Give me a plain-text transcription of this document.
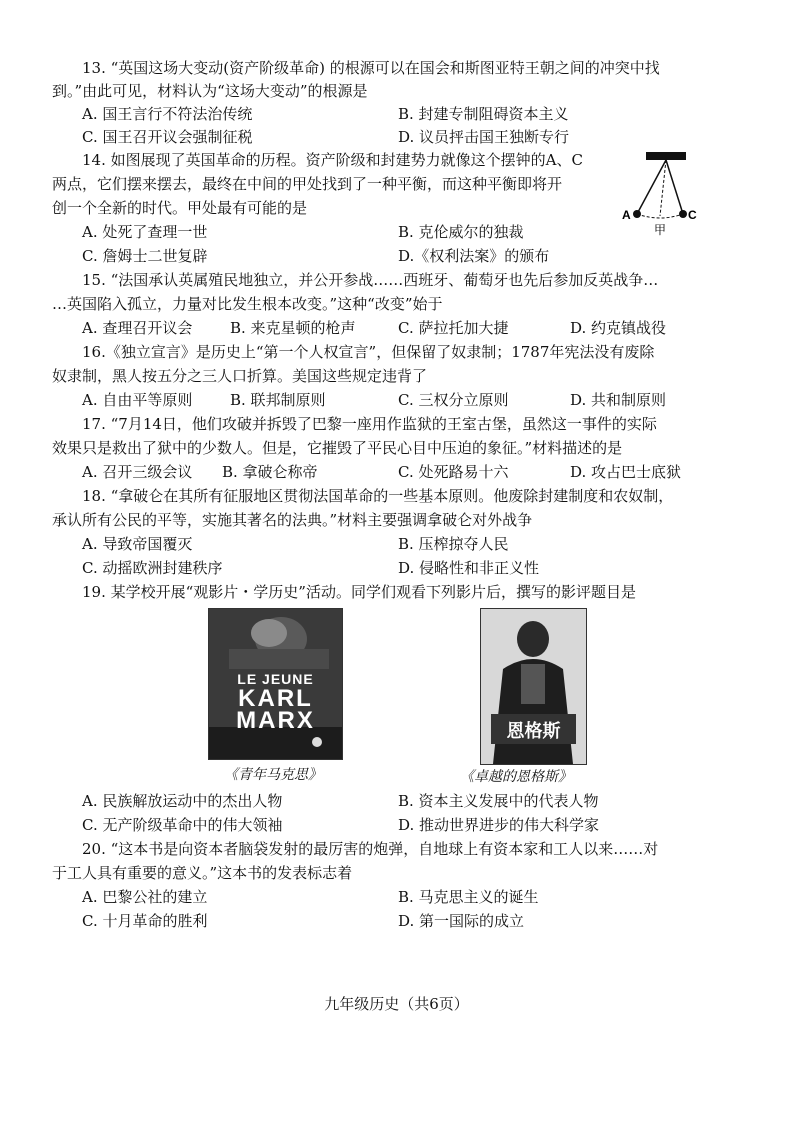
13. “英国这场大变动(资产阶级革命) 的根源可以在国会和斯图亚特王朝之间的冲突中找
到。”由此可见，材料认为“这场大变动”的根源是
A. 国王言行不符法治传统	B. 封建专制阻碍资本主义
C. 国王召开议会强制征税	D. 议员抨击国王独断专行
14. 如图展现了英国革命的历程。资产阶级和封建势力就像这个摆钟的A、C
两点，它们摆来摆去，最终在中间的甲处找到了一种平衡，而这种平衡即将开
创一个全新的时代。甲处最有可能的是
A. 处死了查理一世	B. 克伦威尔的独裁
C. 詹姆士二世复辟	D.《权利法案》的颁布
A	C
甲
15. “法国承认英属殖民地独立，并公开参战……西班牙、葡萄牙也先后参加反英战争…
…英国陷入孤立，力量对比发生根本改变。”这种“改变”始于
A. 查理召开议会	B. 来克星顿的枪声	C. 萨拉托加大捷	D. 约克镇战役
16.《独立宣言》是历史上“第一个人权宣言”，但保留了奴隶制；1787年宪法没有废除
奴隶制，黑人按五分之三人口折算。美国这些规定违背了
A. 自由平等原则	B. 联邦制原则	C. 三权分立原则	D. 共和制原则
17. “7月14日，他们攻破并拆毁了巴黎一座用作监狱的王室古堡，虽然这一事件的实际
效果只是救出了狱中的少数人。但是，它摧毁了平民心目中压迫的象征。”材料描述的是
A. 召开三级会议 B. 拿破仑称帝	C. 处死路易十六	D. 攻占巴士底狱
18. “拿破仑在其所有征服地区贯彻法国革命的一些基本原则。他废除封建制度和农奴制，
承认所有公民的平等，实施其著名的法典。”材料主要强调拿破仑对外战争
A. 导致帝国覆灭	B. 压榨掠夺人民
C. 动摇欧洲封建秩序	D. 侵略性和非正义性
19. 某学校开展“观影片・学历史”活动。同学们观看下列影片后，撰写的影评题目是
LE JEUNE
KARL
MARX
《青年马克思》
恩格斯
《卓越的恩格斯》
A. 民族解放运动中的杰出人物	B. 资本主义发展中的代表人物
C. 无产阶级革命中的伟大领袖	D. 推动世界进步的伟大科学家
20. “这本书是向资本者脑袋发射的最厉害的炮弹，自地球上有资本家和工人以来……对
于工人具有重要的意义。”这本书的发表标志着
A. 巴黎公社的建立	B. 马克思主义的诞生
C. 十月革命的胜利	D. 第一国际的成立
九年级历史（共6页）
